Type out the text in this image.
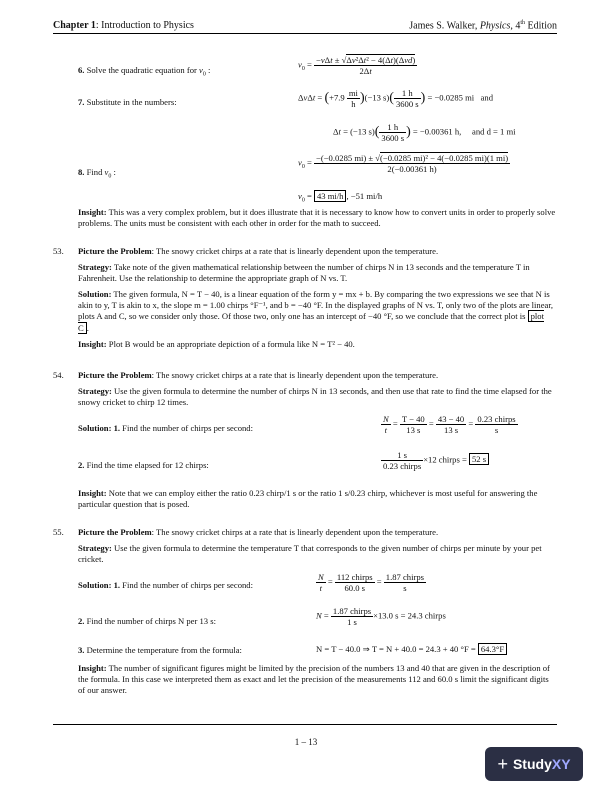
Chapter 1: Introduction to Physics	James S. Walker, Physics, 4th Edition
6. Solve the quadratic equation for $v_0$ :
$v_0 = \frac{\text{−vΔt ± √Δv²Δt² − 4(Δt)(Δvd)}}{2\Delta t}$
7. Substitute in the numbers:	$\Delta v\Delta t = (+7.9 \frac{mi}{h} )(-13$ $s)( \frac{1 h}{3600 s}$ ) = −0.0285 mi   and
Δt = (−13 $s)( \frac{1 h}{3600 s}$ ) = −0.00361 h,     and d = 1 mi
8. Find $v_0$ :
$v_0 = \frac{\text{−(−0.0285 mi) ± √(−0.0285 mi)² − 4(−0.0285 mi)(1 mi)}}{2(-0.00361 h)}$
$v_0 = 43$ mi/h , −51 mi/h
Insight: This was a very complex problem, but it does illustrate that it is necessary to know how to convert units in order to properly solve problems. The units must be consistent with each other in order for the math to succeed.
53. Picture the Problem: The snowy cricket chirps at a rate that is linearly dependent upon the temperature.
Strategy: Take note of the given mathematical relationship between the number of chirps N in 13 seconds and the temperature T in Fahrenheit. Use the relationship to determine the appropriate graph of N vs. T.
Solution: The given formula, N = T − 40, is a linear equation of the form y = mx + b. By comparing the two expressions we see that N is akin to y, T is akin to x, the slope m = 1.00 chirps °F⁻¹, and b = −40 °F. In the displayed graphs of N vs. T, only two of the plots are linear, plots A and C, so we consider only those. Of those two, only one has an intercept of −40 °F, so we conclude that the correct plot is plot C .
Insight: Plot B would be an appropriate depiction of a formula like N = T² − 40.
54. Picture the Problem: The snowy cricket chirps at a rate that is linearly dependent upon the temperature.
Strategy: Use the given formula to determine the number of chirps N in 13 seconds, and then use that rate to find the time elapsed for the snowy cricket to chirp 12 times.
Solution: 1. Find the number of chirps per second:	$\frac{N}{t} = \frac{T - 40}{13 s} = \frac{43 - 40}{13 s} = \frac{\text{0.23 chirps}}{s}$
2. Find the time elapsed for 12 chirps:	$\frac{1 s}{\text{0.23 chirps}} \times 12$ chirps = 52 s
Insight: Note that we can employ either the ratio 0.23 chirp/1 s or the ratio 1 s/0.23 chirp, whichever is most useful for answering the particular question that is posed.
55. Picture the Problem: The snowy cricket chirps at a rate that is linearly dependent upon the temperature.
Strategy: Use the given formula to determine the temperature T that corresponds to the given number of chirps per minute by your pet cricket.
Solution: 1. Find the number of chirps per second:	$\frac{N}{t} = \frac{\text{112 chirps}}{60.0 s} = \frac{\text{1.87 chirps}}{s}$
2. Find the number of chirps N per 13 s:
$N = \frac{\text{1.87 chirps}}{1 s} \times 13.0$ s = 24.3 chirps
3. Determine the temperature from the formula:	N = T − 40.0 ⇒ T = N + 40.0 = 24.3 + 40 °F = 64.3°F
Insight: The number of significant figures might be limited by the precision of the numbers 13 and 40 that are given in the description of the formula. In this case we interpreted them as exact and let the precision of the measurements 112 and 60.0 s limit the significant digits of our answer.
1 – 13
+ Study XY
